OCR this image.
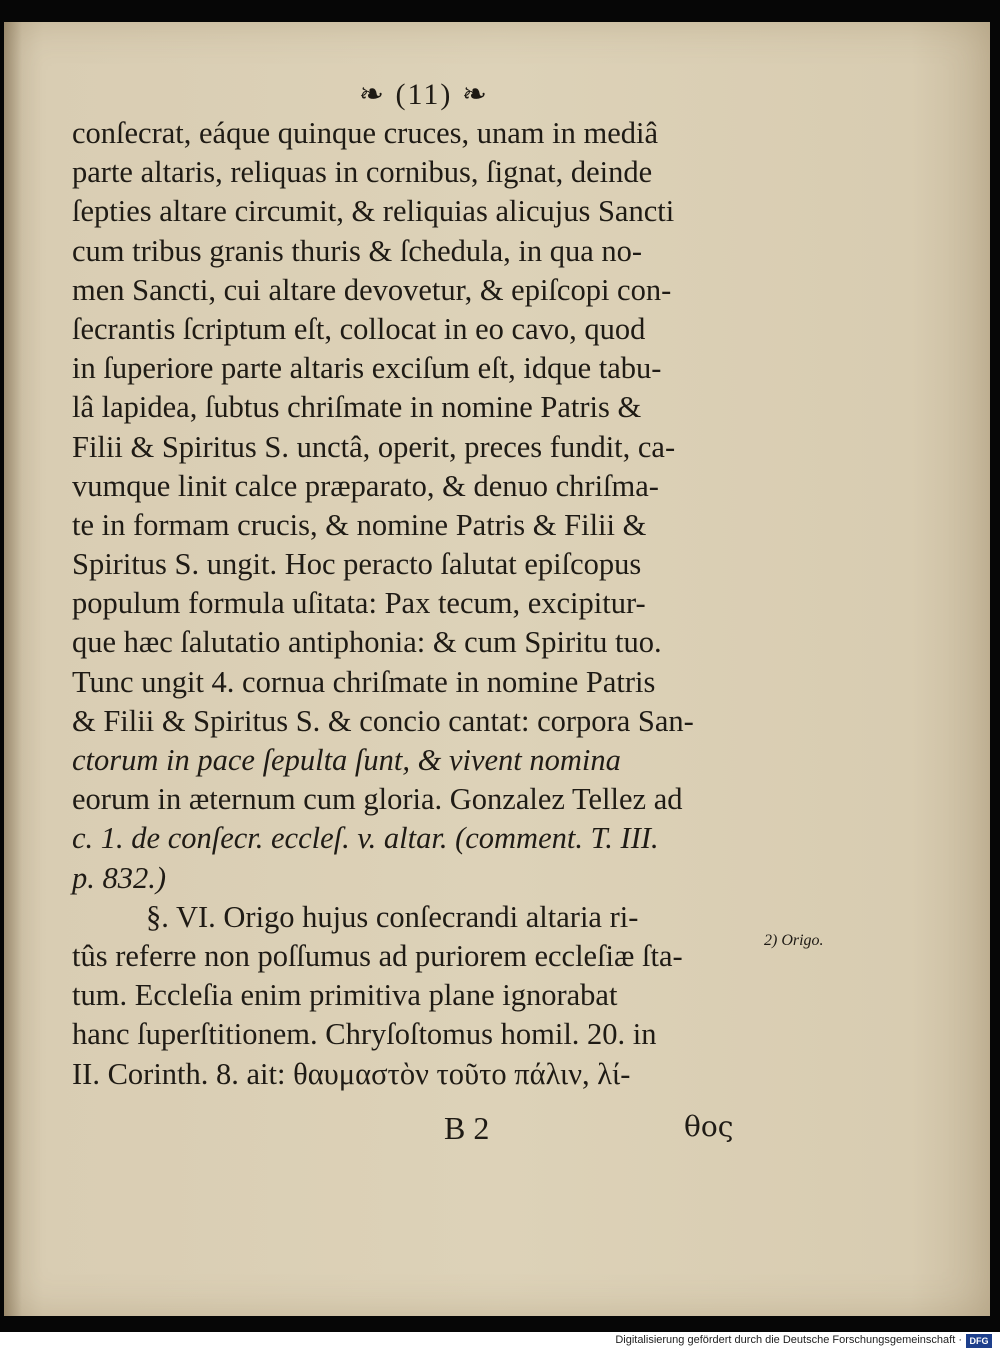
❧ (11) ❧
conſecrat, eáque quinque cruces, unam in mediâ
parte altaris, reliquas in cornibus, ſignat, deinde
ſepties altare circumit, & reliquias alicujus Sancti
cum tribus granis thuris & ſchedula, in qua no-
men Sancti, cui altare devovetur, & epiſcopi con-
ſecrantis ſcriptum eſt, collocat in eo cavo, quod
in ſuperiore parte altaris exciſum eſt, idque tabu-
lâ lapidea, ſubtus chriſmate in nomine Patris &
Filii & Spiritus S. unctâ, operit, preces fundit, ca-
vumque linit calce præparato, & denuo chriſma-
te in formam crucis, & nomine Patris & Filii &
Spiritus S. ungit. Hoc peracto ſalutat epiſcopus
populum formula uſitata: Pax tecum, excipitur-
que hæc ſalutatio antiphonia: & cum Spiritu tuo.
Tunc ungit 4. cornua chriſmate in nomine Patris
& Filii & Spiritus S. & concio cantat: corpora San-
ctorum in pace ſepulta ſunt, & vivent nomina
eorum in æternum cum gloria. Gonzalez Tellez ad
c. 1. de conſecr. eccleſ. v. altar. (comment. T. III.
p. 832.)
§. VI. Origo hujus conſecrandi altaria ri-
tûs referre non poſſumus ad puriorem eccleſiæ ſta-
tum. Eccleſia enim primitiva plane ignorabat
hanc ſuperſtitionem. Chryſoſtomus homil. 20. in
II. Corinth. 8. ait: θαυμαστὸν τοῦτο πάλιν, λί-
2) Origo.
B 2	θος
Digitalisierung gefördert durch die Deutsche Forschungsgemeinschaft · DFG
